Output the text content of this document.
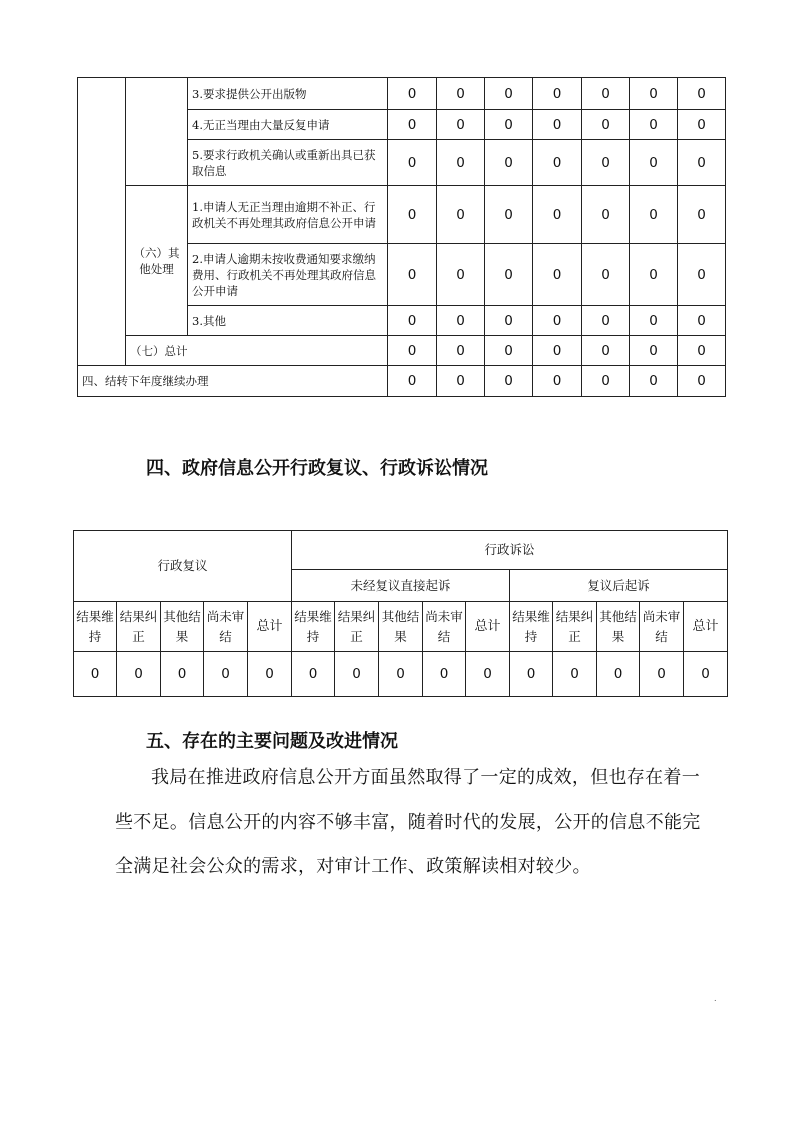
		3.要求提供公开出版物	0	0	0	0	0	0	0
		4.无正当理由大量反复申请	0	0	0	0	0	0	0
		5.要求行政机关确认或重新出具已获取信息	0	0	0	0	0	0	0
	（六）其他处理	1.申请人无正当理由逾期不补正、行政机关不再处理其政府信息公开申请	0	0	0	0	0	0	0
		2.申请人逾期未按收费通知要求缴纳费用、行政机关不再处理其政府信息公开申请	0	0	0	0	0	0	0
		3.其他	0	0	0	0	0	0	0
	（七）总计		0	0	0	0	0	0	0
四、结转下年度继续办理			0	0	0	0	0	0	0
四、政府信息公开行政复议、行政诉讼情况
行政复议					行政诉讼									
					未经复议直接起诉					复议后起诉				
结果维持	结果纠正	其他结果	尚未审结	总计	结果维持	结果纠正	其他结果	尚未审结	总计	结果维持	结果纠正	其他结果	尚未审结	总计
0	0	0	0	0	0	0	0	0	0	0	0	0	0	0
五、存在的主要问题及改进情况

我局在推进政府信息公开方面虽然取得了一定的成效，但也存在着一些不足。信息公开的内容不够丰富，随着时代的发展，公开的信息不能完全满足社会公众的需求，对审计工作、政策解读相对较少。

.
